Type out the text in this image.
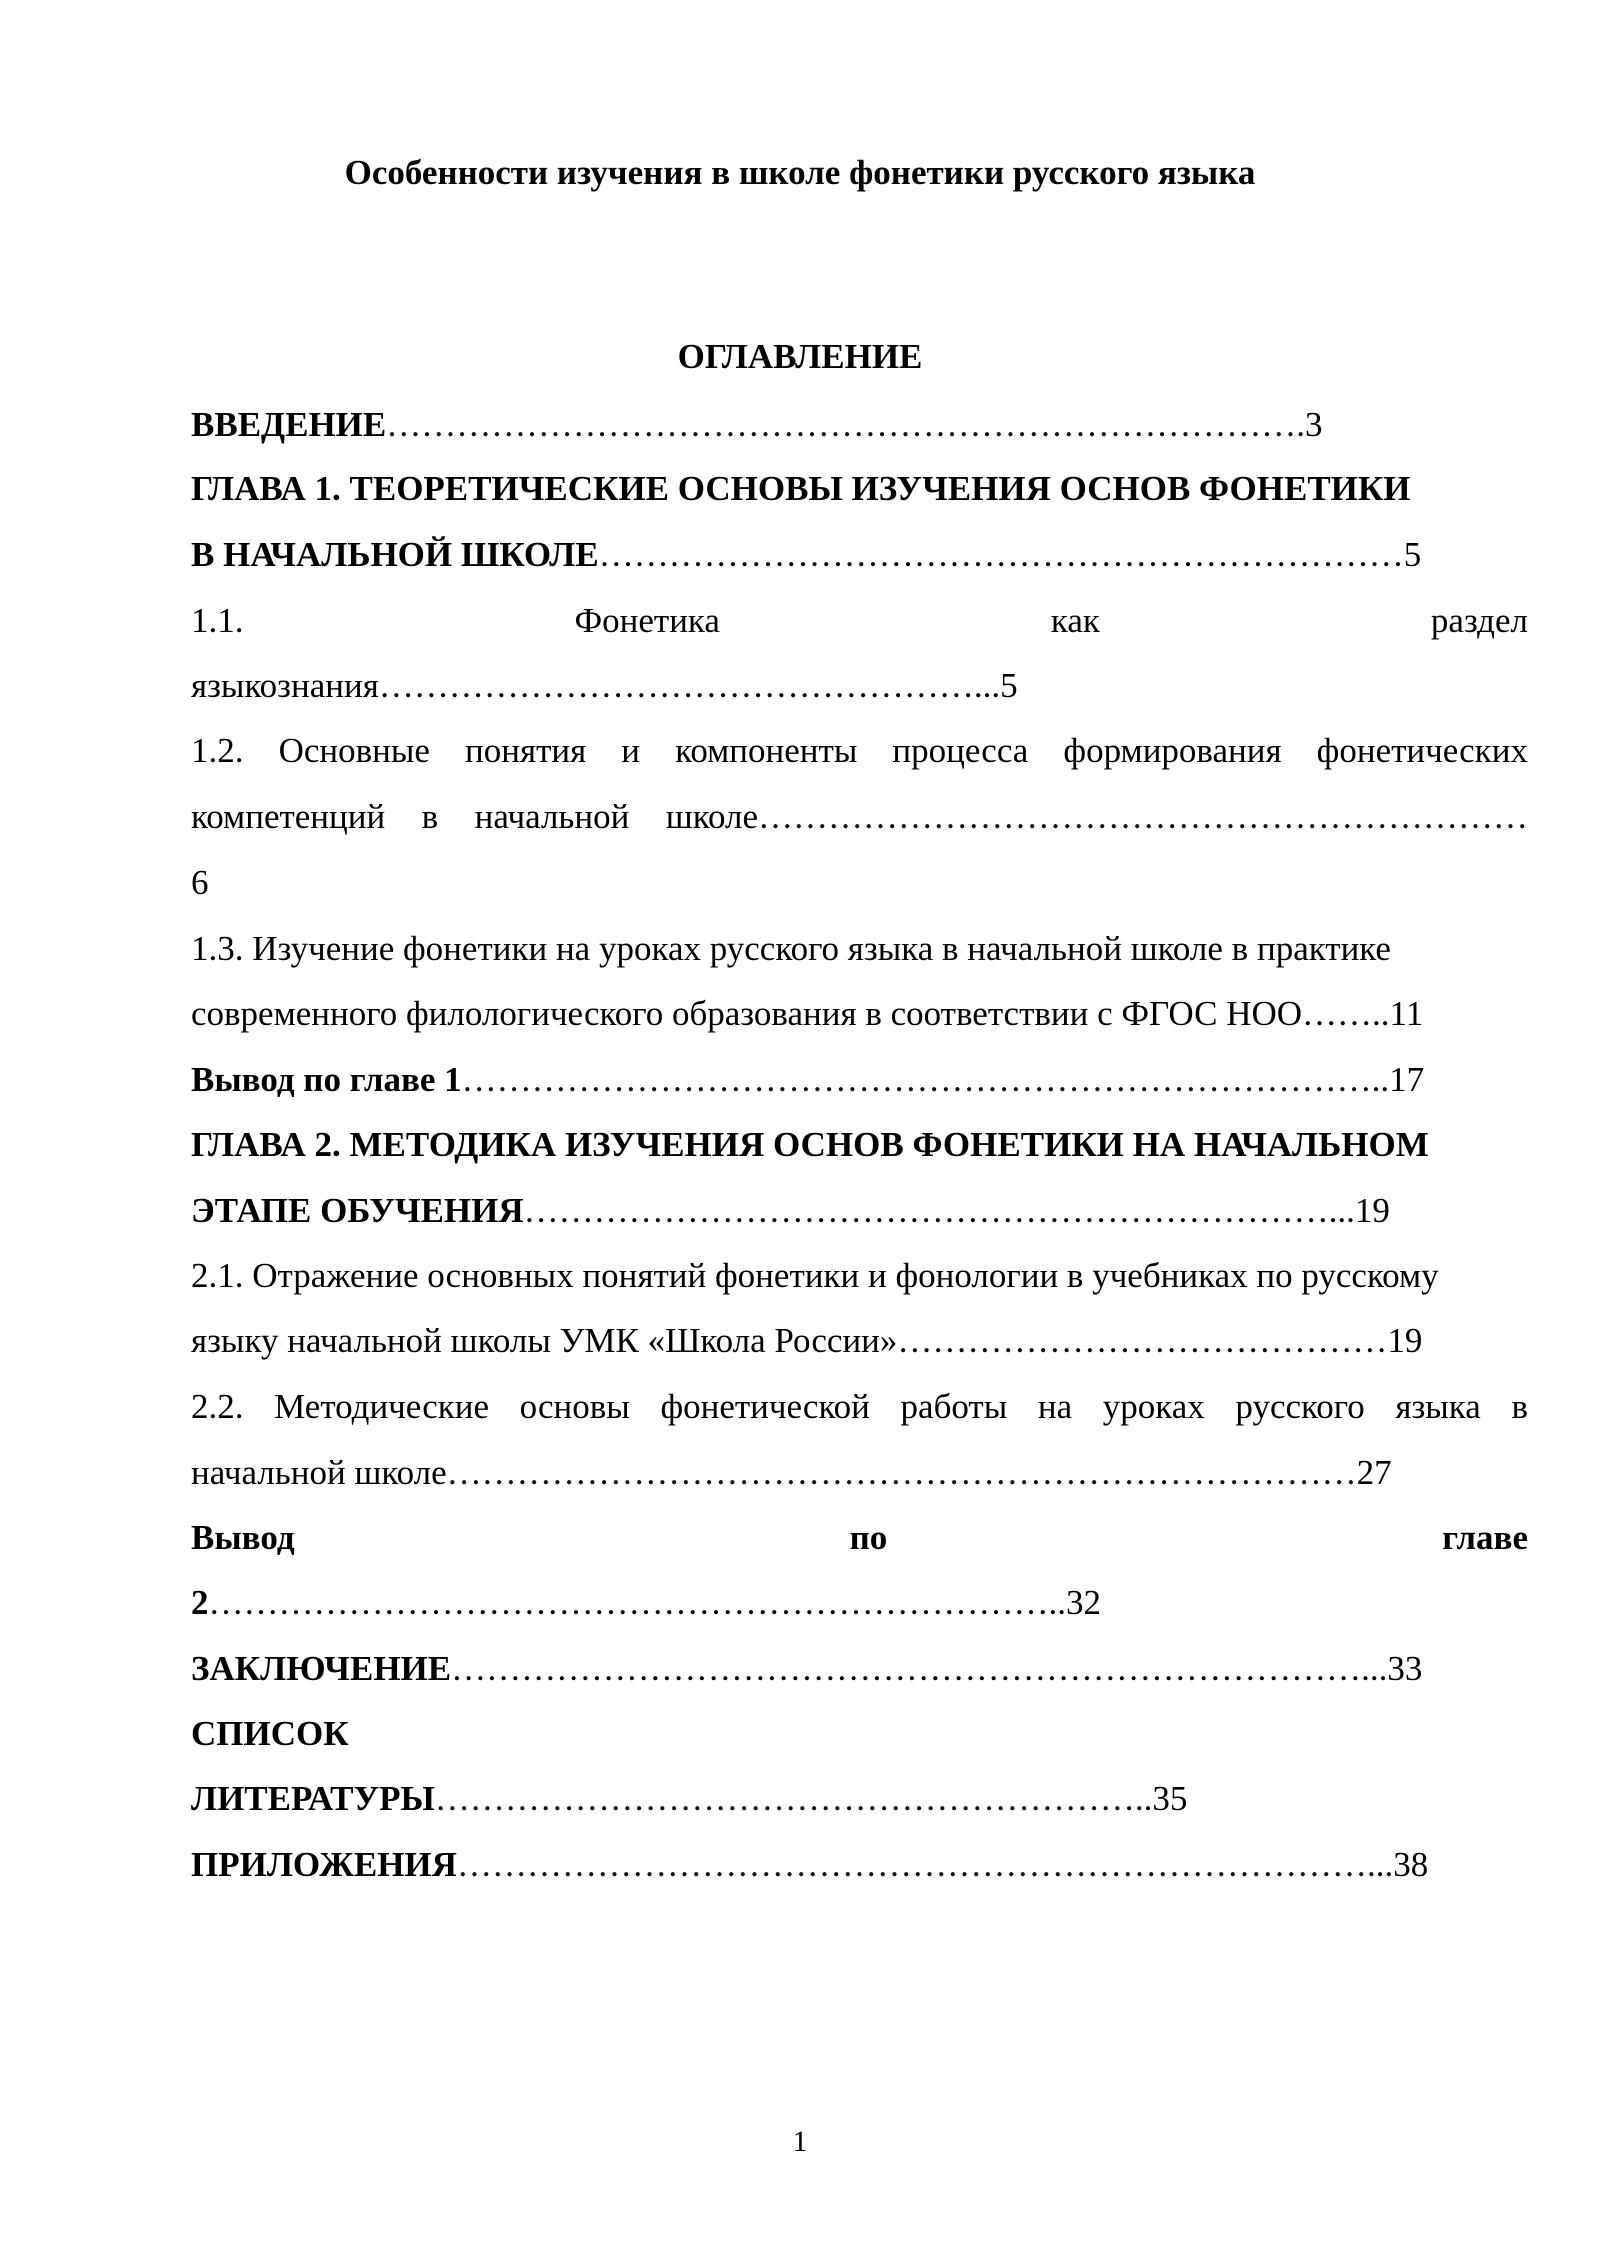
Особенности изучения в школе фонетики русского языка
ОГЛАВЛЕНИЕ
ВВЕДЕНИЕ…………………………………………………………………….3
ГЛАВА 1. ТЕОРЕТИЧЕСКИЕ ОСНОВЫ ИЗУЧЕНИЯ ОСНОВ ФОНЕТИКИ
В НАЧАЛЬНОЙ ШКОЛЕ……………………………………………………………5
1.1.	Фонетика	как	раздел
языкознания……………………………………………...5
1.2. Основные понятия и компоненты процесса формирования фонетических
компетенций в начальной школе…………………………………………………………
6
1.3. Изучение фонетики на уроках русского языка в начальной школе в практике
современного филологического образования в соответствии с ФГОС НОО……..11
Вывод по главе 1……………………………………………………………………..17
ГЛАВА 2. МЕТОДИКА ИЗУЧЕНИЯ ОСНОВ ФОНЕТИКИ НА НАЧАЛЬНОМ
ЭТАПЕ ОБУЧЕНИЯ……………………………………………………………...19
2.1. Отражение основных понятий фонетики и фонологии в учебниках по русскому
языку начальной школы УМК «Школа России»……………………………………19
2.2. Методические основы фонетической работы на уроках русского языка в
начальной школе……………………………………………………………………27
Вывод	по	главе
2………………………………………………………………..32
ЗАКЛЮЧЕНИЕ……………………………………………………………………...33
СПИСОК
ЛИТЕРАТУРЫ……………………………………………………..35
ПРИЛОЖЕНИЯ……………………………………………………………………...38
1
